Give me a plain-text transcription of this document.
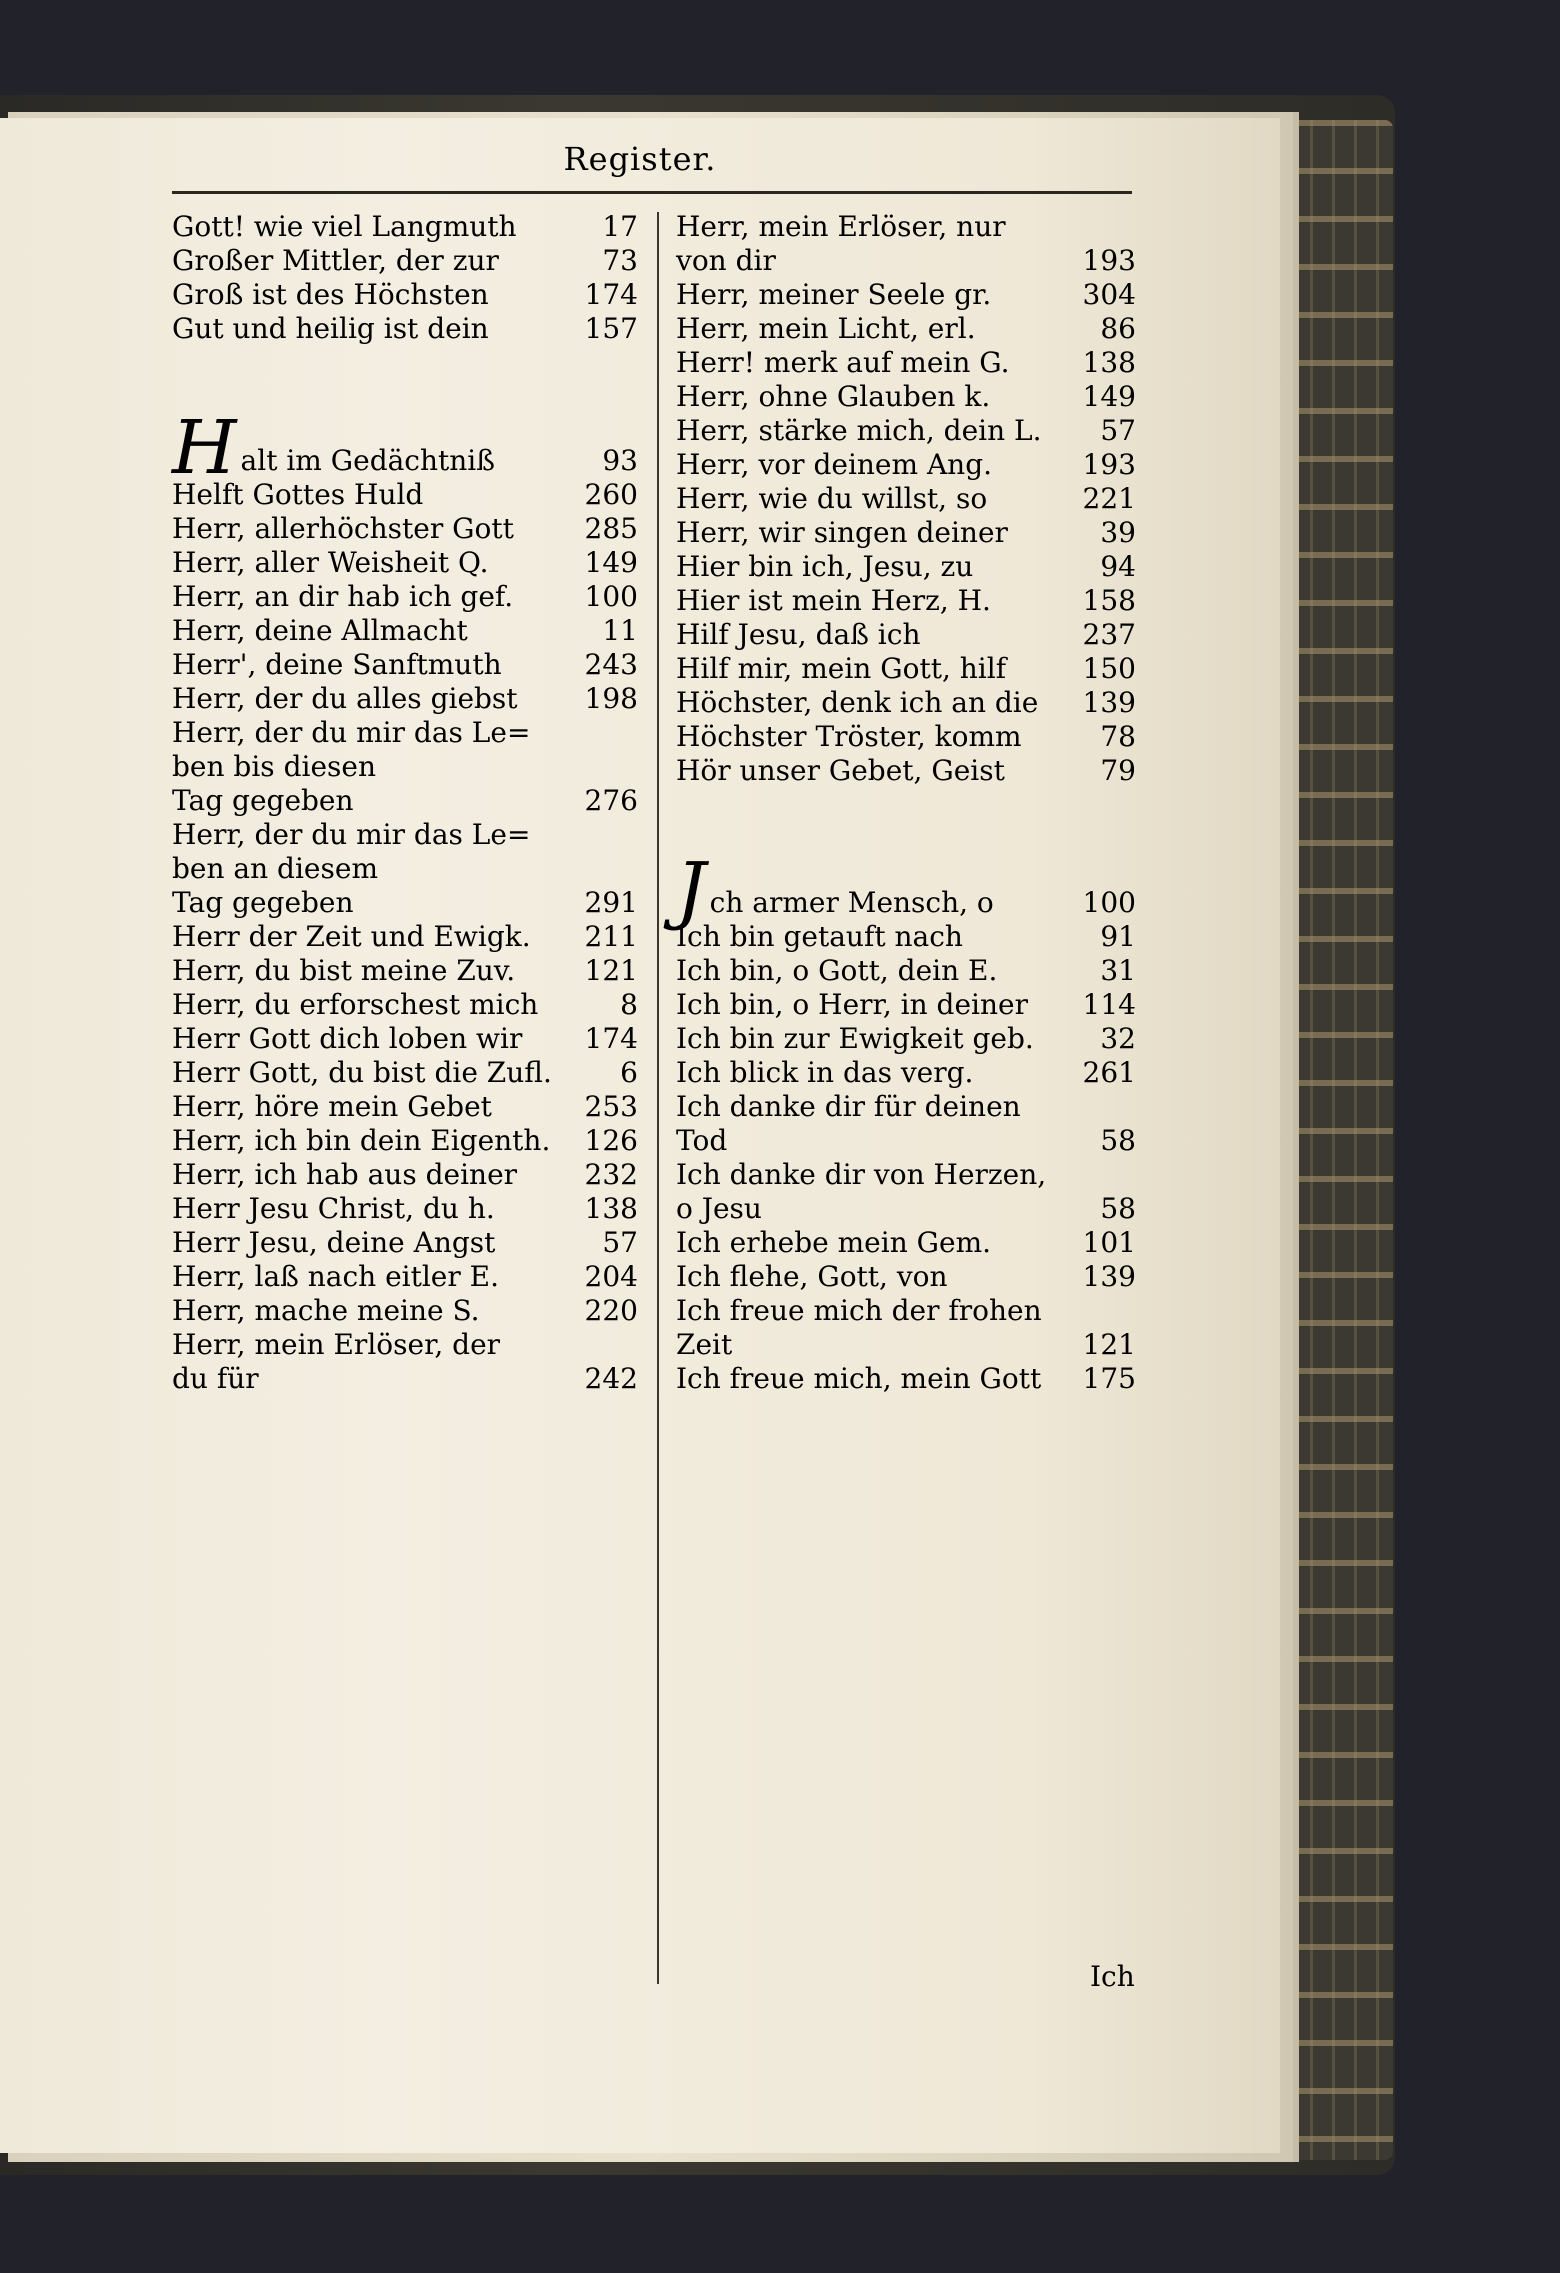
Register.
Gott! wie viel Langmuth	17
Großer Mittler, der zur	73
Groß ist des Höchsten	174
Gut und heilig ist dein	157
Halt im Gedächtniß	93
Helft Gottes Huld	260
Herr, allerhöchster Gott	285
Herr, aller Weisheit Q.	149
Herr, an dir hab ich gef.	100
Herr, deine Allmacht	11
Herr', deine Sanftmuth	243
Herr, der du alles giebst	198
Herr, der du mir das Le=
ben bis diesen
Tag gegeben	276
Herr, der du mir das Le=
ben an diesem
Tag gegeben	291
Herr der Zeit und Ewigk.	211
Herr, du bist meine Zuv.	121
Herr, du erforschest mich	8
Herr Gott dich loben wir	174
Herr Gott, du bist die Zufl.	6
Herr, höre mein Gebet	253
Herr, ich bin dein Eigenth.	126
Herr, ich hab aus deiner	232
Herr Jesu Christ, du h.	138
Herr Jesu, deine Angst	57
Herr, laß nach eitler E.	204
Herr, mache meine S.	220
Herr, mein Erlöser, der
du für	242
Herr, mein Erlöser, nur
von dir	193
Herr, meiner Seele gr.	304
Herr, mein Licht, erl.	86
Herr! merk auf mein G.	138
Herr, ohne Glauben k.	149
Herr, stärke mich, dein L.	57
Herr, vor deinem Ang.	193
Herr, wie du willst, so	221
Herr, wir singen deiner	39
Hier bin ich, Jesu, zu	94
Hier ist mein Herz, H.	158
Hilf Jesu, daß ich	237
Hilf mir, mein Gott, hilf	150
Höchster, denk ich an die	139
Höchster Tröster, komm	78
Hör unser Gebet, Geist	79
Jch armer Mensch, o	100
Ich bin getauft nach	91
Ich bin, o Gott, dein E.	31
Ich bin, o Herr, in deiner	114
Ich bin zur Ewigkeit geb.	32
Ich blick in das verg.	261
Ich danke dir für deinen
Tod	58
Ich danke dir von Herzen,
o Jesu	58
Ich erhebe mein Gem.	101
Ich flehe, Gott, von	139
Ich freue mich der frohen
Zeit	121
Ich freue mich, mein Gott	175
Ich
